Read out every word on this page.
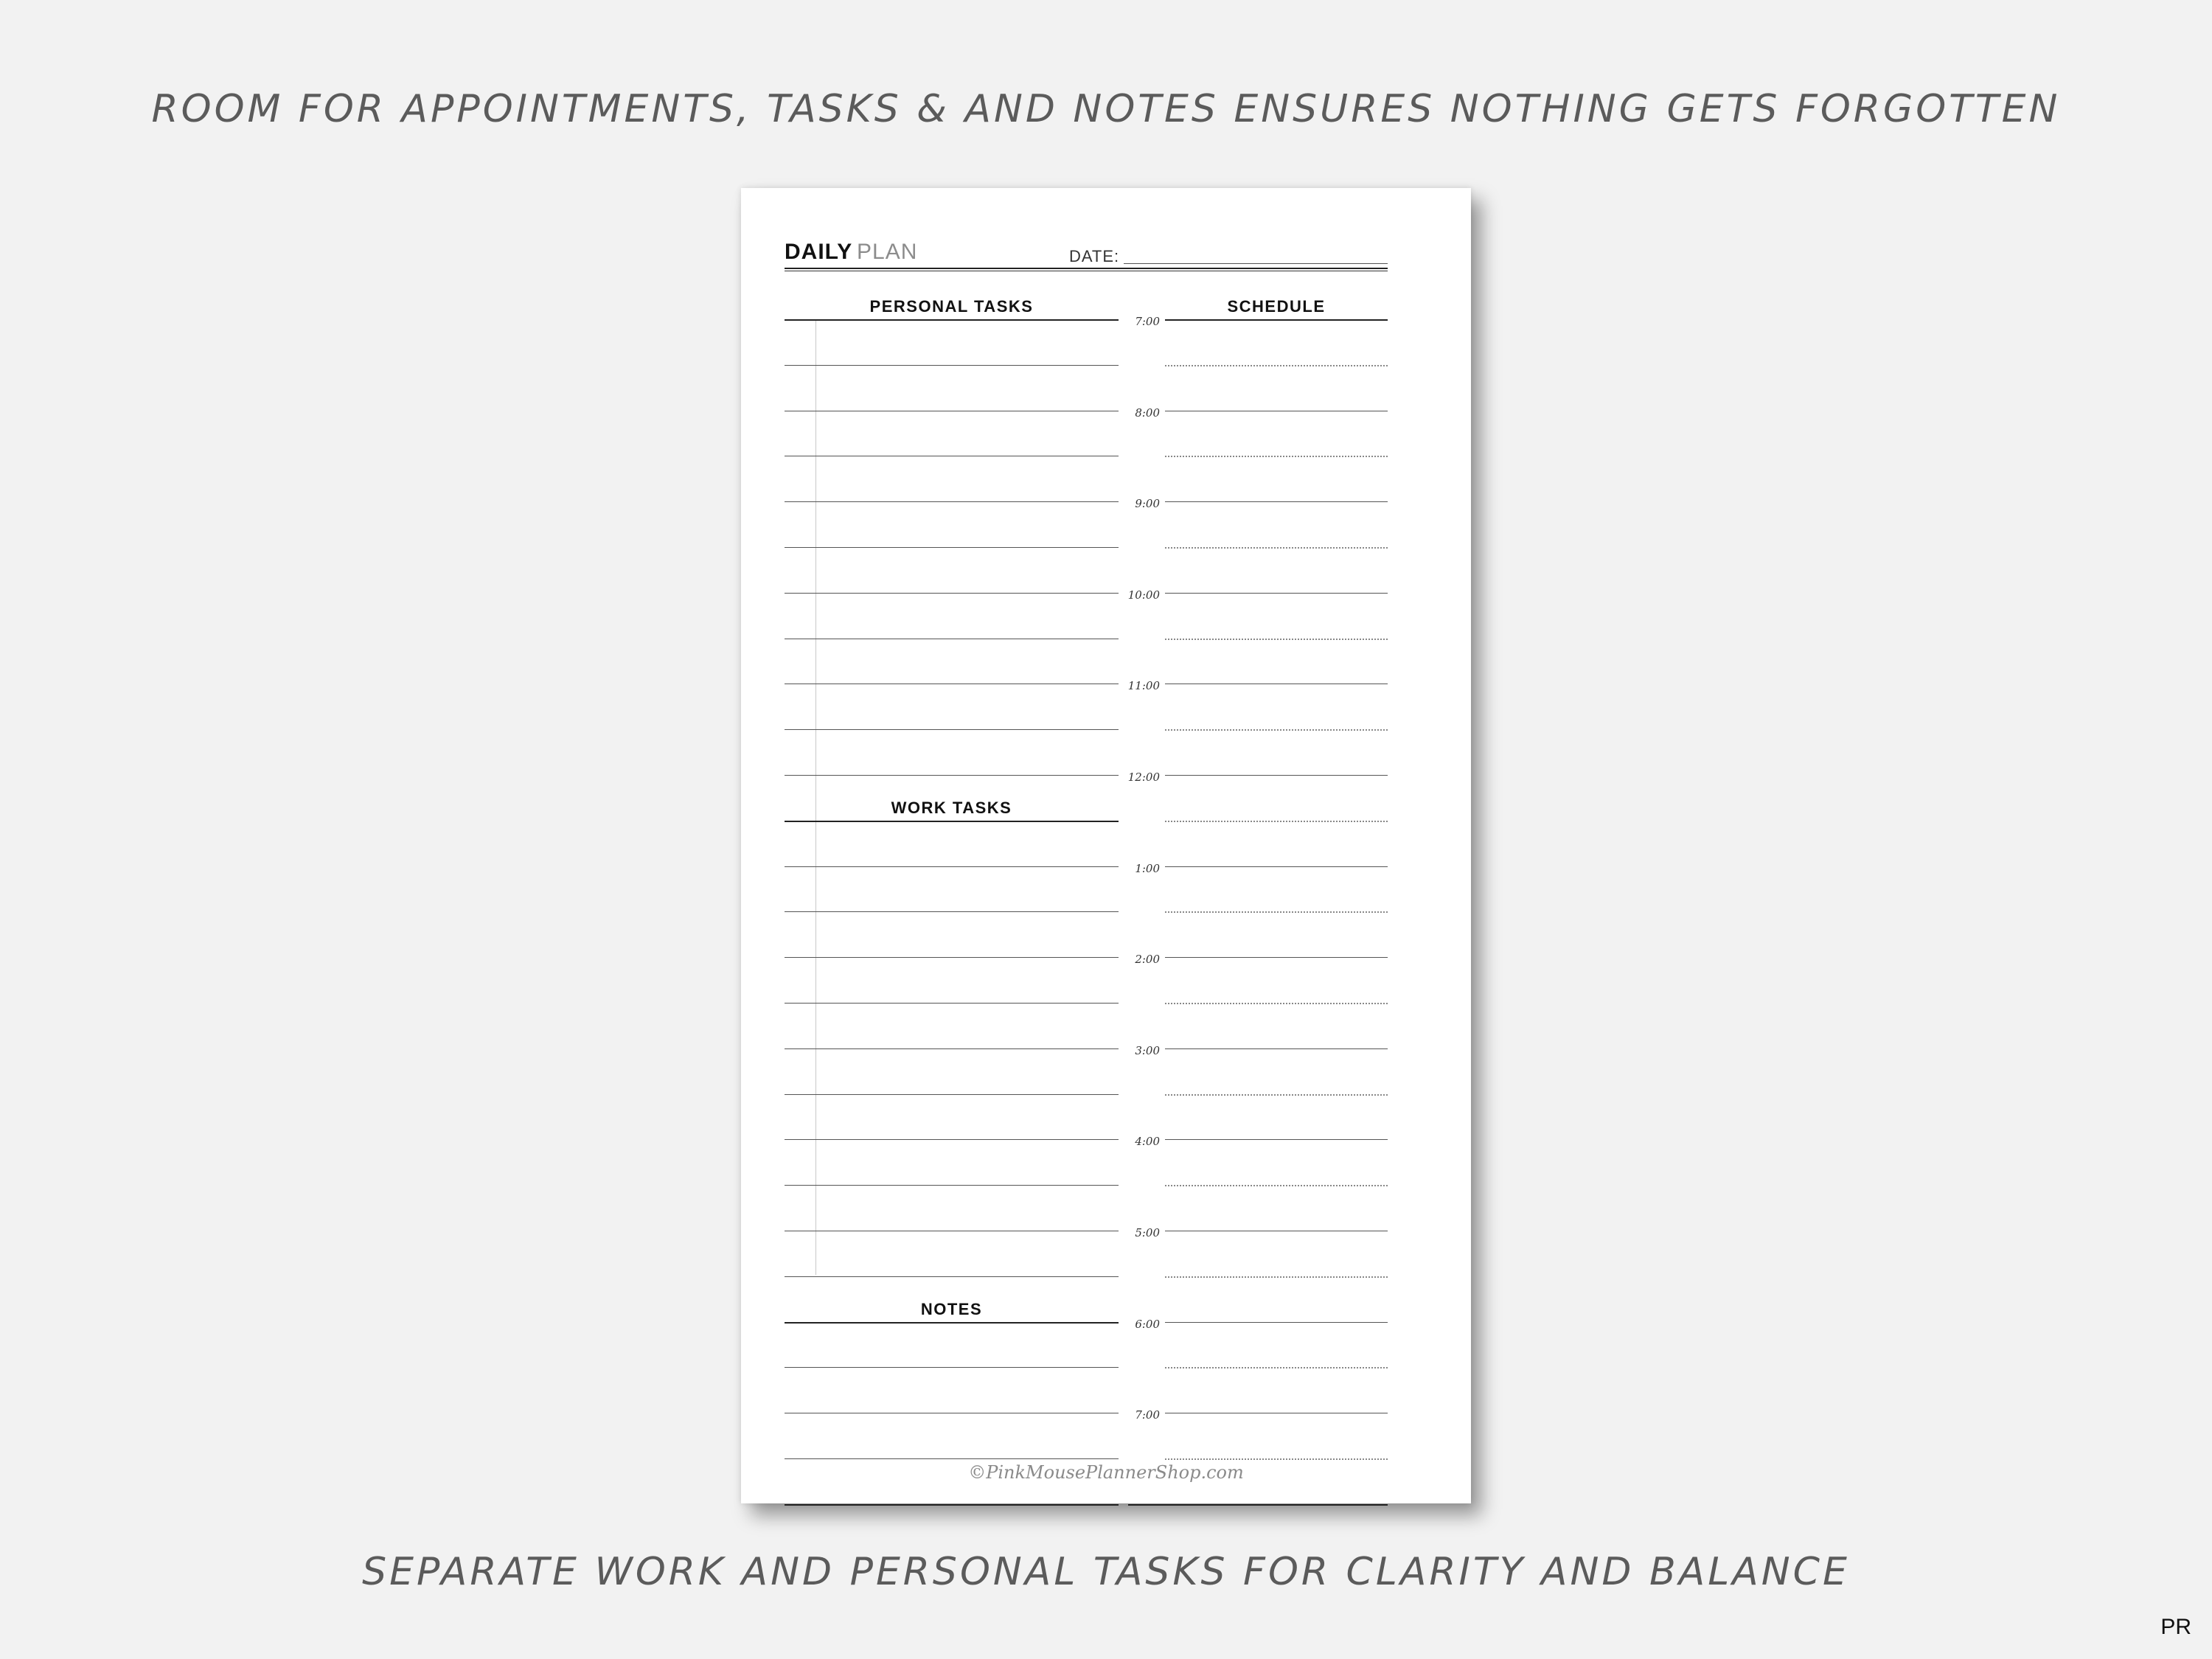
ROOM FOR APPOINTMENTS, TASKS & AND NOTES ENSURES NOTHING GETS FORGOTTEN
DAILY PLAN	DATE:
PERSONAL TASKS
WORK TASKS
NOTES
SCHEDULE
7:00
8:00
9:00
10:00
11:00
12:00
1:00
2:00
3:00
4:00
5:00
6:00
7:00
©PinkMousePlannerShop.com
SEPARATE WORK AND PERSONAL TASKS FOR CLARITY AND BALANCE
PR
